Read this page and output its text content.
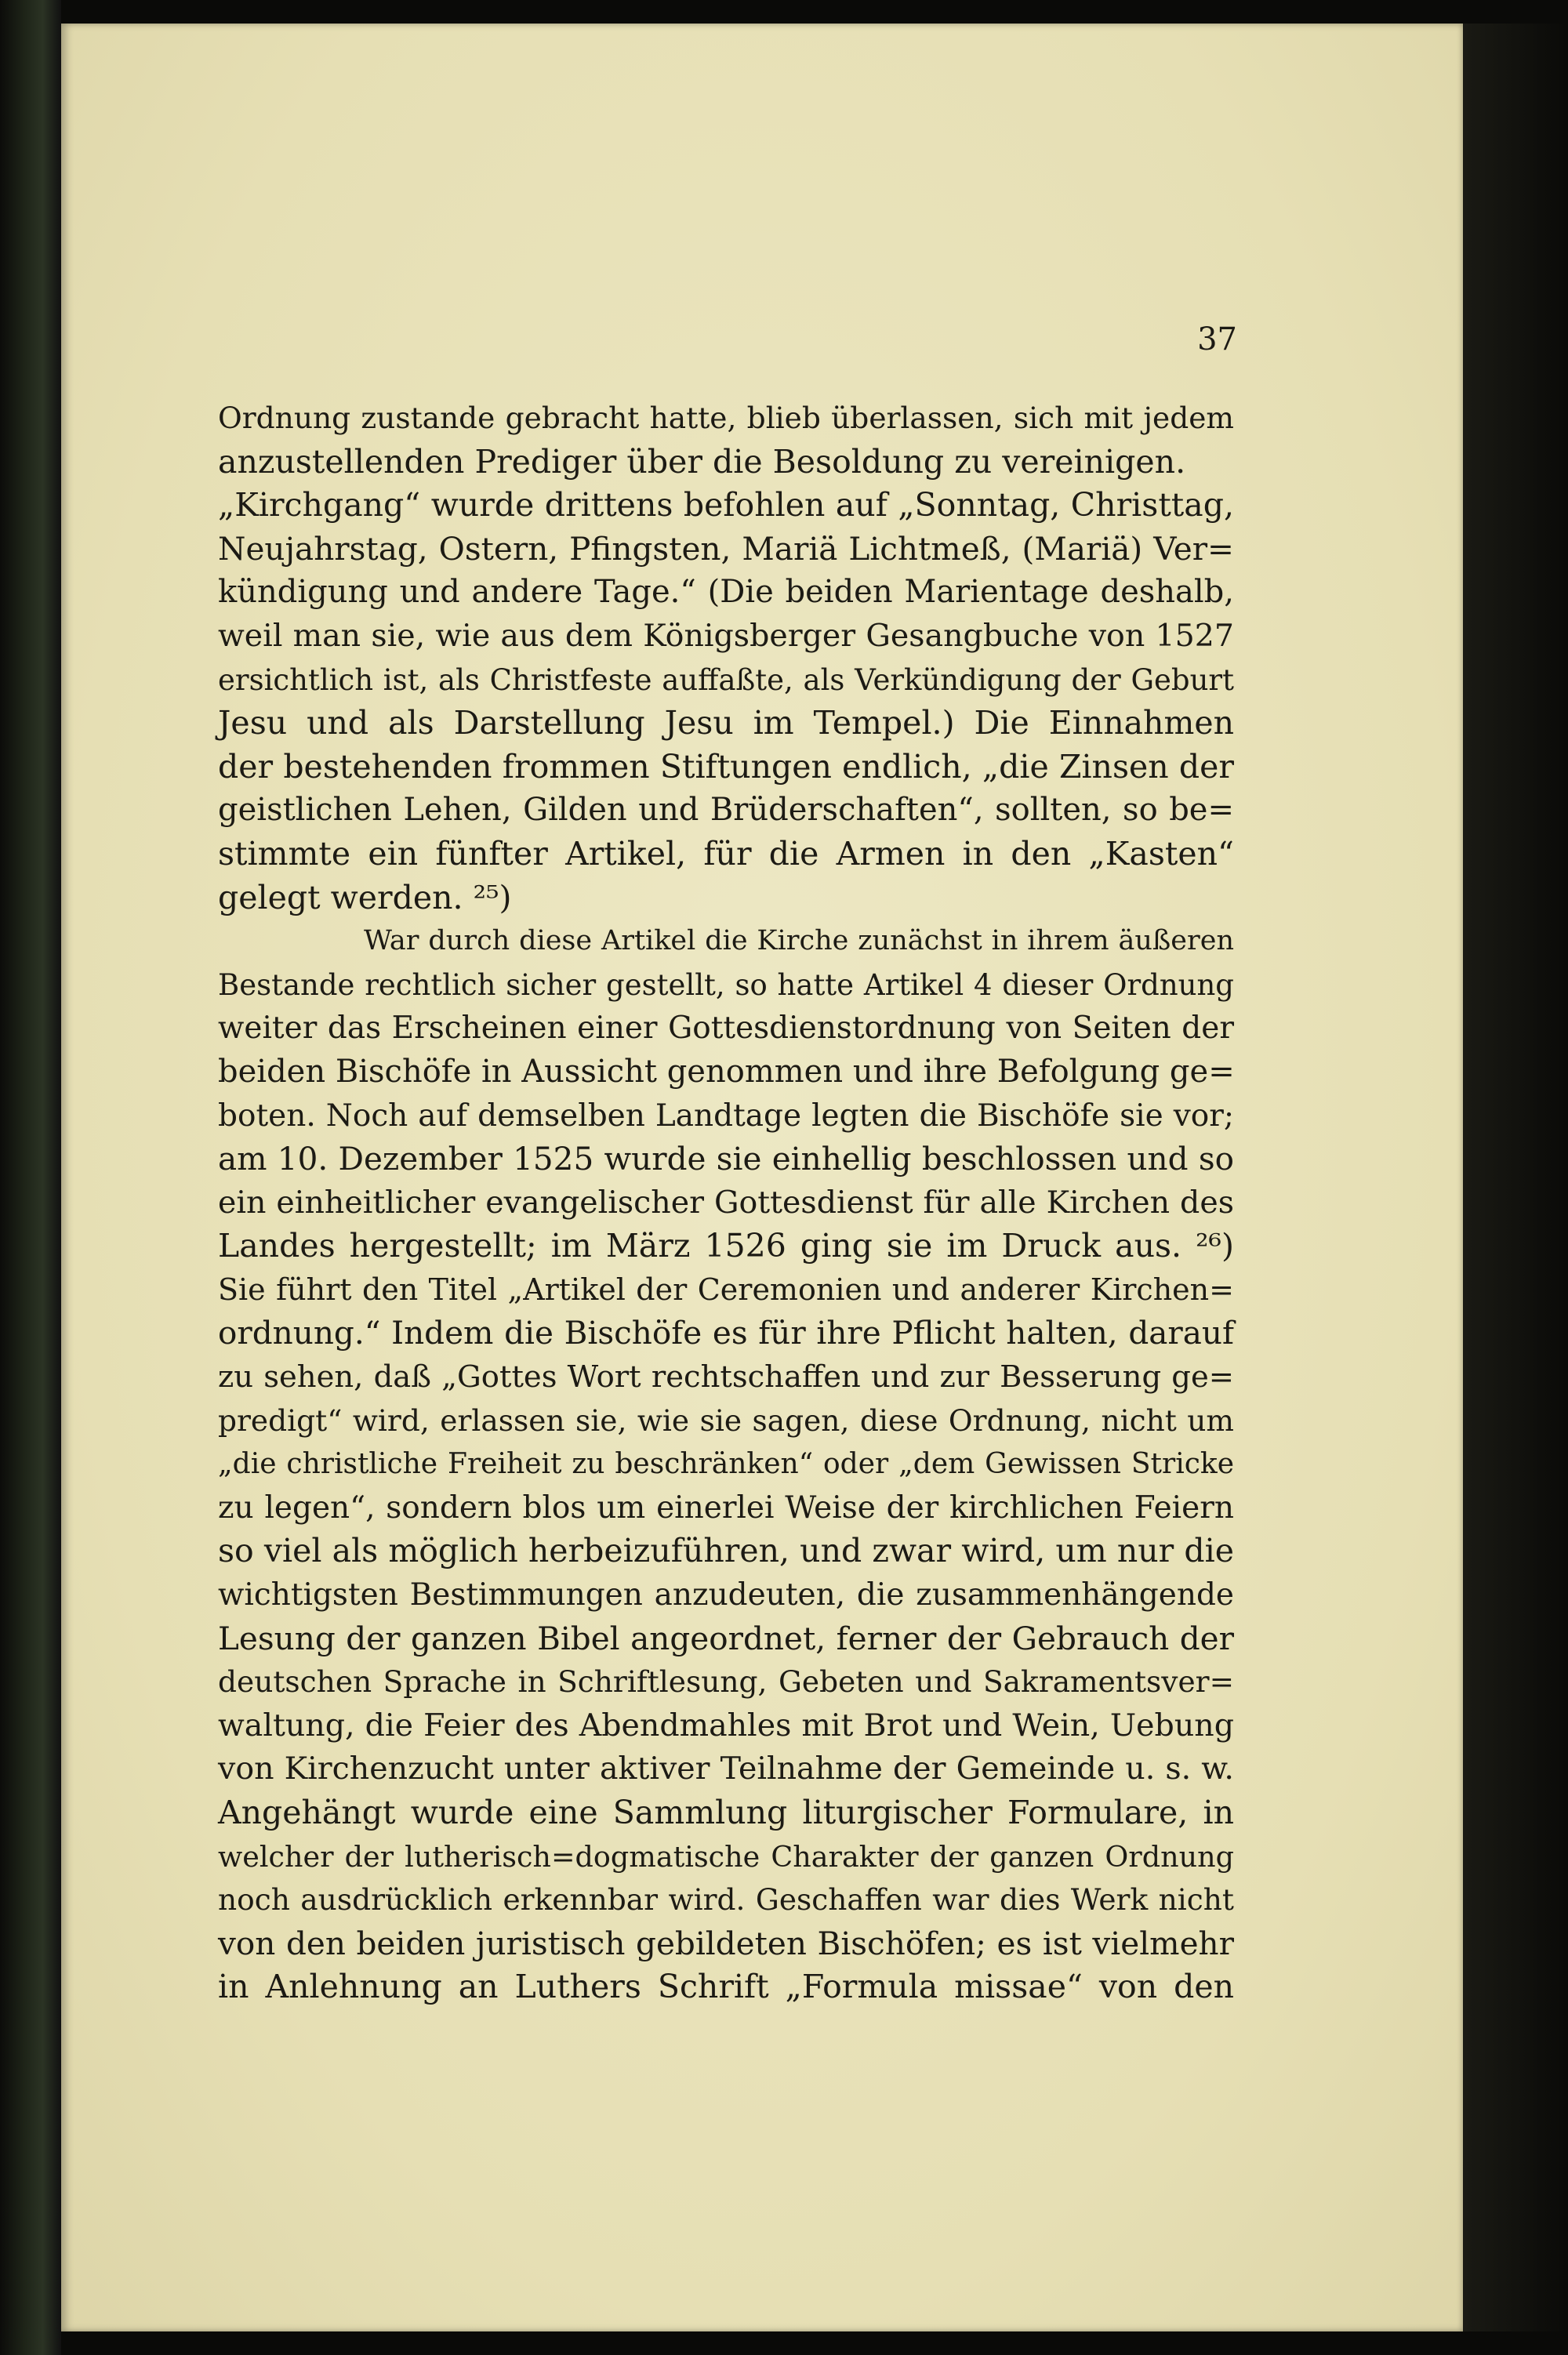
37
Ordnung zustande gebracht hatte, blieb überlassen, sich mit jedem
anzustellenden Prediger über die Besoldung zu vereinigen.
„Kirchgang“ wurde drittens befohlen auf „Sonntag, Christtag,
Neujahrstag, Ostern, Pfingsten, Mariä Lichtmeß, (Mariä) Ver=
kündigung und andere Tage.“ (Die beiden Marientage deshalb,
weil man sie, wie aus dem Königsberger Gesangbuche von 1527
ersichtlich ist, als Christfeste auffaßte, als Verkündigung der Geburt
Jesu und als Darstellung Jesu im Tempel.) Die Einnahmen
der bestehenden frommen Stiftungen endlich, „die Zinsen der
geistlichen Lehen, Gilden und Brüderschaften“, sollten, so be=
stimmte ein fünfter Artikel, für die Armen in den „Kasten“
gelegt werden. ²⁵)
War durch diese Artikel die Kirche zunächst in ihrem äußeren
Bestande rechtlich sicher gestellt, so hatte Artikel 4 dieser Ordnung
weiter das Erscheinen einer Gottesdienstordnung von Seiten der
beiden Bischöfe in Aussicht genommen und ihre Befolgung ge=
boten. Noch auf demselben Landtage legten die Bischöfe sie vor;
am 10. Dezember 1525 wurde sie einhellig beschlossen und so
ein einheitlicher evangelischer Gottesdienst für alle Kirchen des
Landes hergestellt; im März 1526 ging sie im Druck aus. ²⁶)
Sie führt den Titel „Artikel der Ceremonien und anderer Kirchen=
ordnung.“ Indem die Bischöfe es für ihre Pflicht halten, darauf
zu sehen, daß „Gottes Wort rechtschaffen und zur Besserung ge=
predigt“ wird, erlassen sie, wie sie sagen, diese Ordnung, nicht um
„die christliche Freiheit zu beschränken“ oder „dem Gewissen Stricke
zu legen“, sondern blos um einerlei Weise der kirchlichen Feiern
so viel als möglich herbeizuführen, und zwar wird, um nur die
wichtigsten Bestimmungen anzudeuten, die zusammenhängende
Lesung der ganzen Bibel angeordnet, ferner der Gebrauch der
deutschen Sprache in Schriftlesung, Gebeten und Sakramentsver=
waltung, die Feier des Abendmahles mit Brot und Wein, Uebung
von Kirchenzucht unter aktiver Teilnahme der Gemeinde u. s. w.
Angehängt wurde eine Sammlung liturgischer Formulare, in
welcher der lutherisch=dogmatische Charakter der ganzen Ordnung
noch ausdrücklich erkennbar wird. Geschaffen war dies Werk nicht
von den beiden juristisch gebildeten Bischöfen; es ist vielmehr
in Anlehnung an Luthers Schrift „Formula missae“ von den
